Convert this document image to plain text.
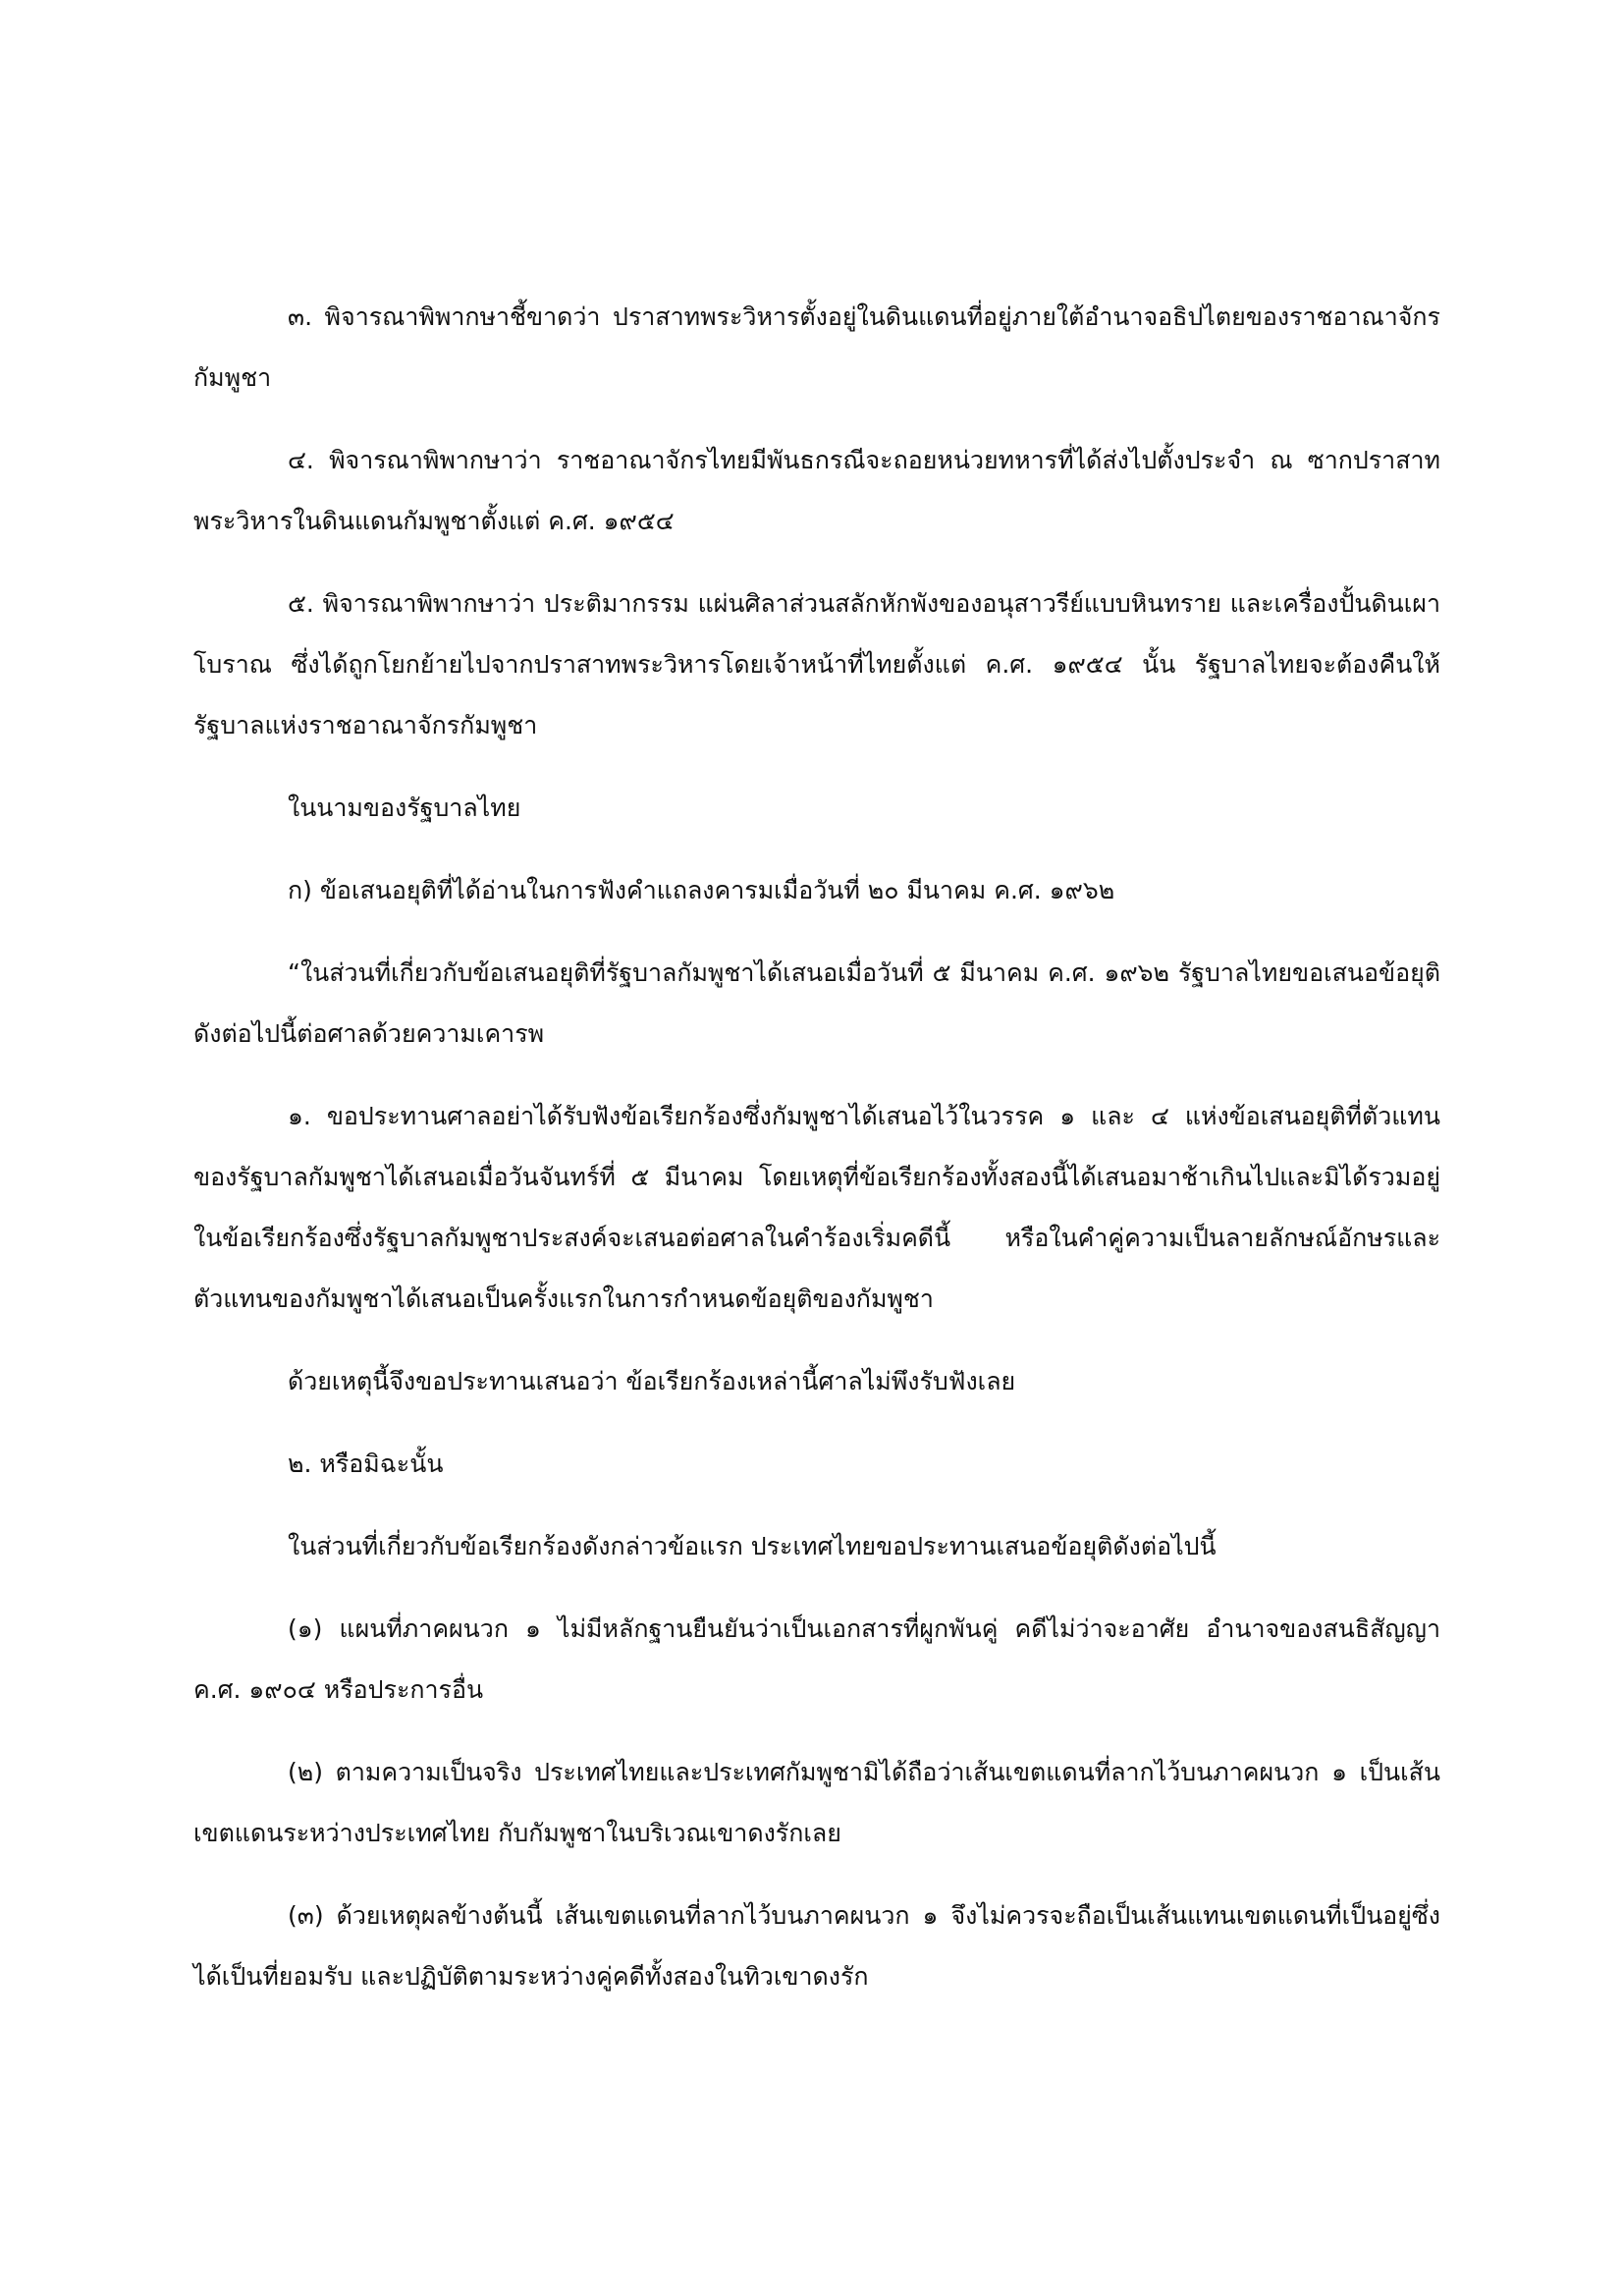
๓. พิจารณาพิพากษาชี้ขาดว่า ปราสาทพระวิหารตั้งอยู่ในดินแดนที่อยู่ภายใต้อำนาจอธิปไตยของราชอาณาจักรกัมพูชา

๔. พิจารณาพิพากษาว่า ราชอาณาจักรไทยมีพันธกรณีจะถอยหน่วยทหารที่ได้ส่งไปตั้งประจำ ณ ซากปราสาทพระวิหารในดินแดนกัมพูชาตั้งแต่ ค.ศ. ๑๙๕๔

๕. พิจารณาพิพากษาว่า ประติมากรรม แผ่นศิลาส่วนสลักหักพังของอนุสาวรีย์แบบหินทราย และเครื่องปั้นดินเผาโบราณ ซึ่งได้ถูกโยกย้ายไปจากปราสาทพระวิหารโดยเจ้าหน้าที่ไทยตั้งแต่ ค.ศ. ๑๙๕๔ นั้น รัฐบาลไทยจะต้องคืนให้รัฐบาลแห่งราชอาณาจักรกัมพูชา

ในนามของรัฐบาลไทย

ก) ข้อเสนอยุติที่ได้อ่านในการฟังคำแถลงคารมเมื่อวันที่ ๒๐ มีนาคม ค.ศ. ๑๙๖๒

“ในส่วนที่เกี่ยวกับข้อเสนอยุติที่รัฐบาลกัมพูชาได้เสนอเมื่อวันที่ ๕ มีนาคม ค.ศ. ๑๙๖๒ รัฐบาลไทยขอเสนอข้อยุติดังต่อไปนี้ต่อศาลด้วยความเคารพ

๑. ขอประทานศาลอย่าได้รับฟังข้อเรียกร้องซึ่งกัมพูชาได้เสนอไว้ในวรรค ๑ และ ๔ แห่งข้อเสนอยุติที่ตัวแทนของรัฐบาลกัมพูชาได้เสนอเมื่อวันจันทร์ที่ ๕ มีนาคม โดยเหตุที่ข้อเรียกร้องทั้งสองนี้ได้เสนอมาช้าเกินไปและมิได้รวมอยู่ในข้อเรียกร้องซึ่งรัฐบาลกัมพูชาประสงค์จะเสนอต่อศาลในคำร้องเริ่มคดีนี้ หรือในคำคู่ความเป็นลายลักษณ์อักษรและตัวแทนของกัมพูชาได้เสนอเป็นครั้งแรกในการกำหนดข้อยุติของกัมพูชา

ด้วยเหตุนี้จึงขอประทานเสนอว่า ข้อเรียกร้องเหล่านี้ศาลไม่พึงรับฟังเลย

๒. หรือมิฉะนั้น

ในส่วนที่เกี่ยวกับข้อเรียกร้องดังกล่าวข้อแรก ประเทศไทยขอประทานเสนอข้อยุติดังต่อไปนี้

(๑) แผนที่ภาคผนวก ๑ ไม่มีหลักฐานยืนยันว่าเป็นเอกสารที่ผูกพันคู่ คดีไม่ว่าจะอาศัย อำนาจของสนธิสัญญา ค.ศ. ๑๙๐๔ หรือประการอื่น

(๒) ตามความเป็นจริง ประเทศไทยและประเทศกัมพูชามิได้ถือว่าเส้นเขตแดนที่ลากไว้บนภาคผนวก ๑ เป็นเส้นเขตแดนระหว่างประเทศไทย กับกัมพูชาในบริเวณเขาดงรักเลย

(๓) ด้วยเหตุผลข้างต้นนี้ เส้นเขตแดนที่ลากไว้บนภาคผนวก ๑ จึงไม่ควรจะถือเป็นเส้นแทนเขตแดนที่เป็นอยู่ซึ่งได้เป็นที่ยอมรับ และปฏิบัติตามระหว่างคู่คดีทั้งสองในทิวเขาดงรัก
